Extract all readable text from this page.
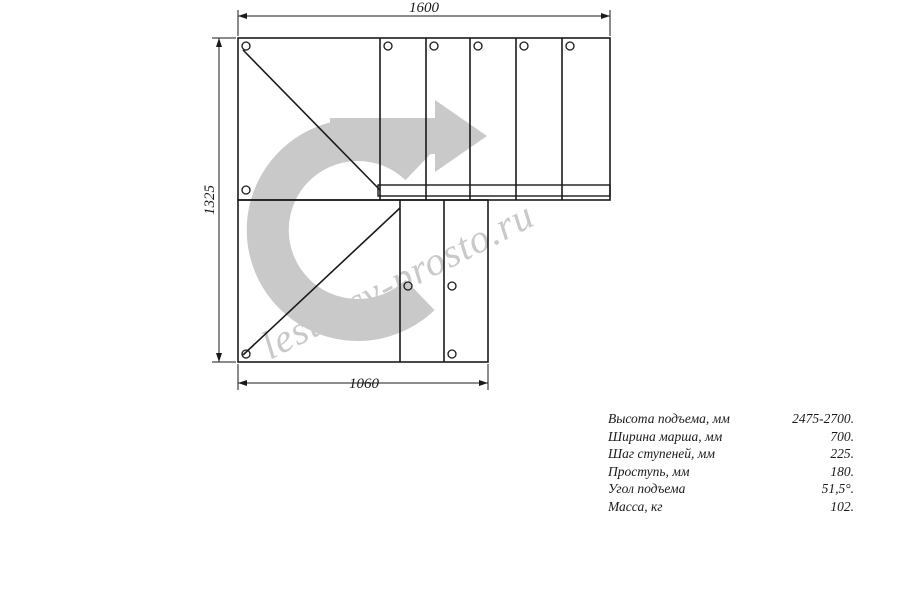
lestnicy-prosto.ru
1600
1325
1060
Высота подъема, мм	2475-2700.
Ширина марша, мм	700.
Шаг ступеней, мм	225.
Проступь, мм	180.
Угол подъема	51,5°.
Масса, кг	102.
